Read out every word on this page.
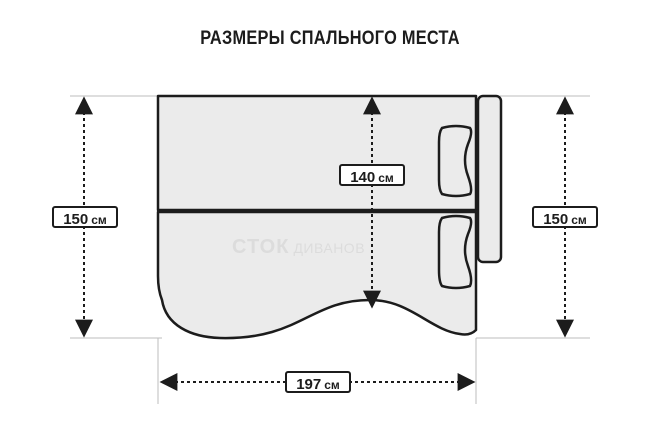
РАЗМЕРЫ СПАЛЬНОГО МЕСТА
СТОК ДИВАНОВ
150 см
140 см
150 см
197 см
